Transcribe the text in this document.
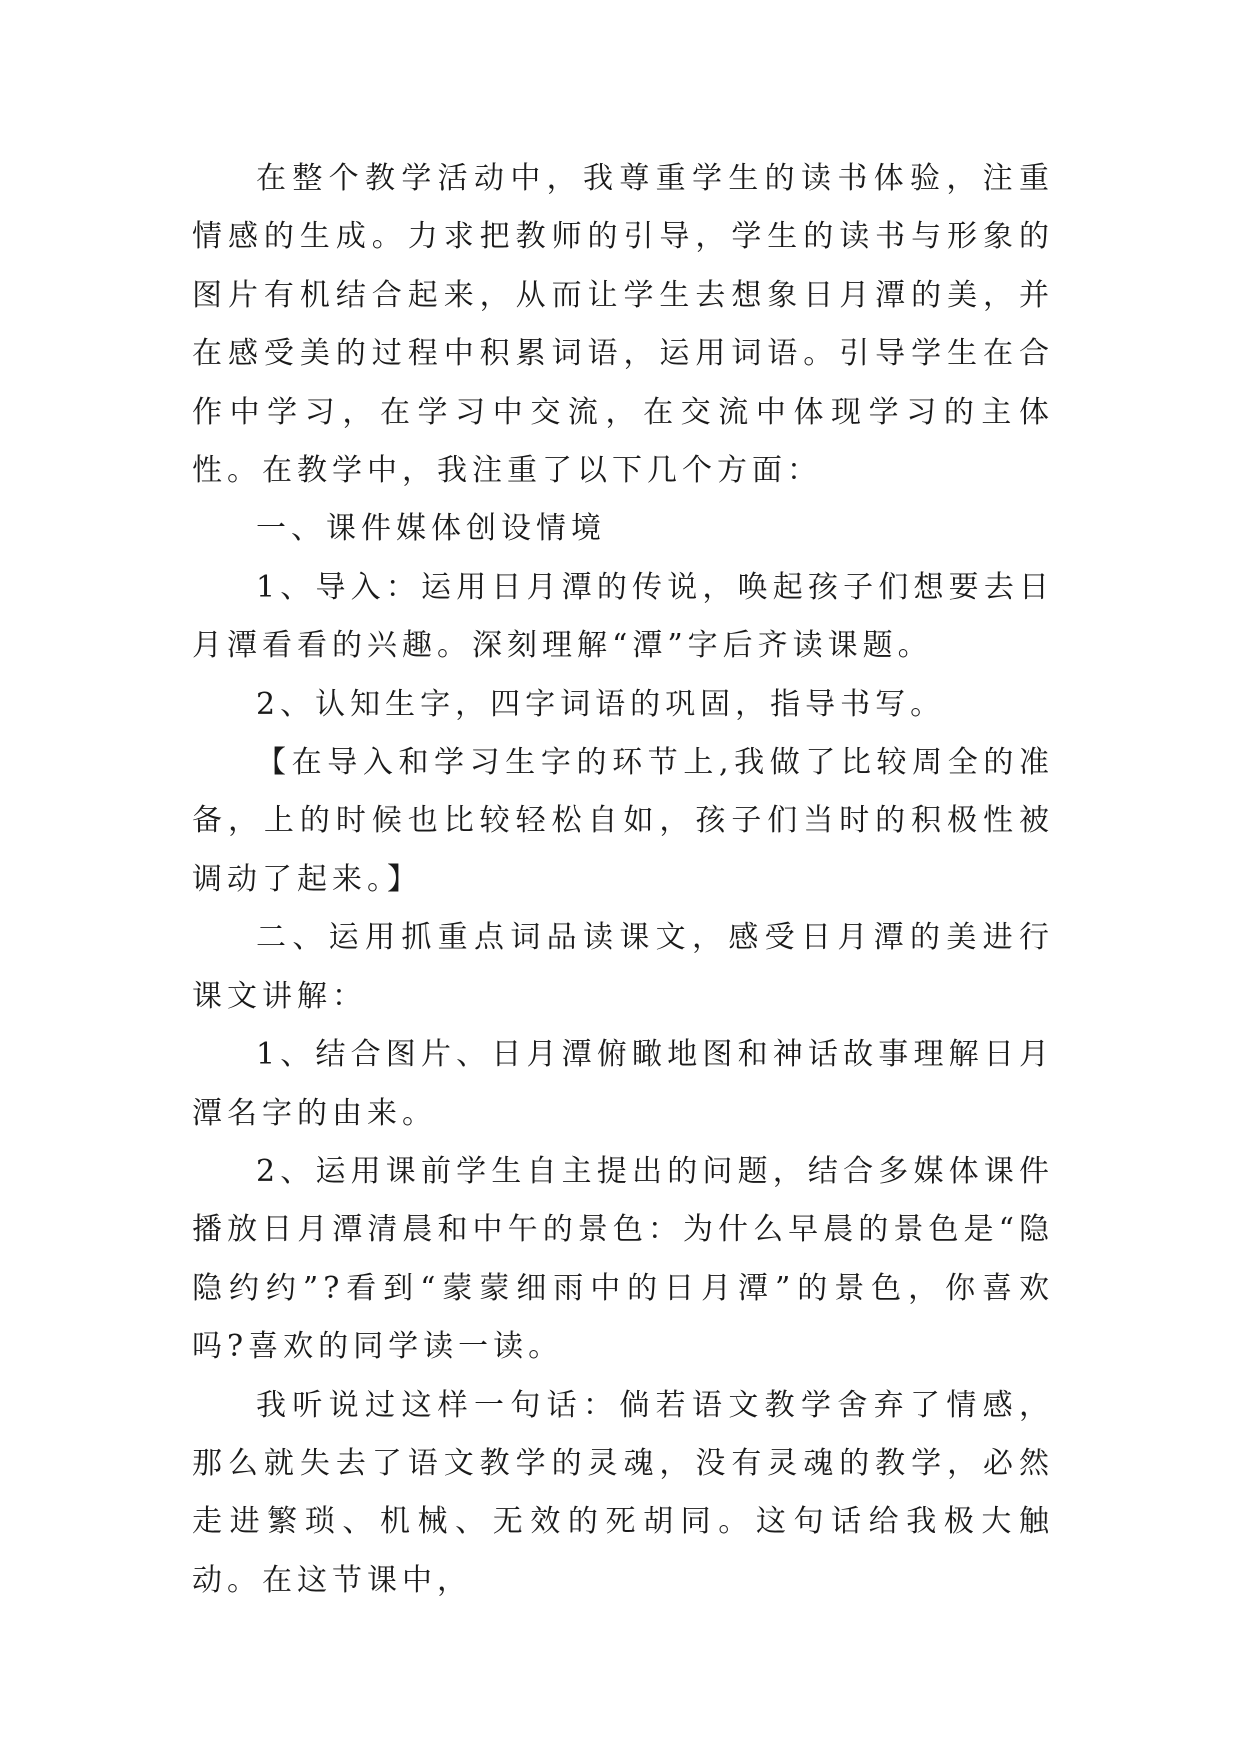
在整个教学活动中，我尊重学生的读书体验，注重情感的生成。力求把教师的引导，学生的读书与形象的图片有机结合起来，从而让学生去想象日月潭的美，并在感受美的过程中积累词语，运用词语。引导学生在合作中学习，在学习中交流，在交流中体现学习的主体性。在教学中，我注重了以下几个方面：

一、课件媒体创设情境

1、导入：运用日月潭的传说，唤起孩子们想要去日月潭看看的兴趣。深刻理解“潭”字后齐读课题。

2、认知生字，四字词语的巩固，指导书写。

【在导入和学习生字的环节上,我做了比较周全的准备，上的时候也比较轻松自如，孩子们当时的积极性被调动了起来。】

二、运用抓重点词品读课文，感受日月潭的美进行课文讲解：

1、结合图片、日月潭俯瞰地图和神话故事理解日月潭名字的由来。

2、运用课前学生自主提出的问题，结合多媒体课件播放日月潭清晨和中午的景色：为什么早晨的景色是“隐隐约约”?看到“蒙蒙细雨中的日月潭”的景色，你喜欢吗?喜欢的同学读一读。

我听说过这样一句话：倘若语文教学舍弃了情感，那么就失去了语文教学的灵魂，没有灵魂的教学，必然走进繁琐、机械、无效的死胡同。这句话给我极大触动。在这节课中，
